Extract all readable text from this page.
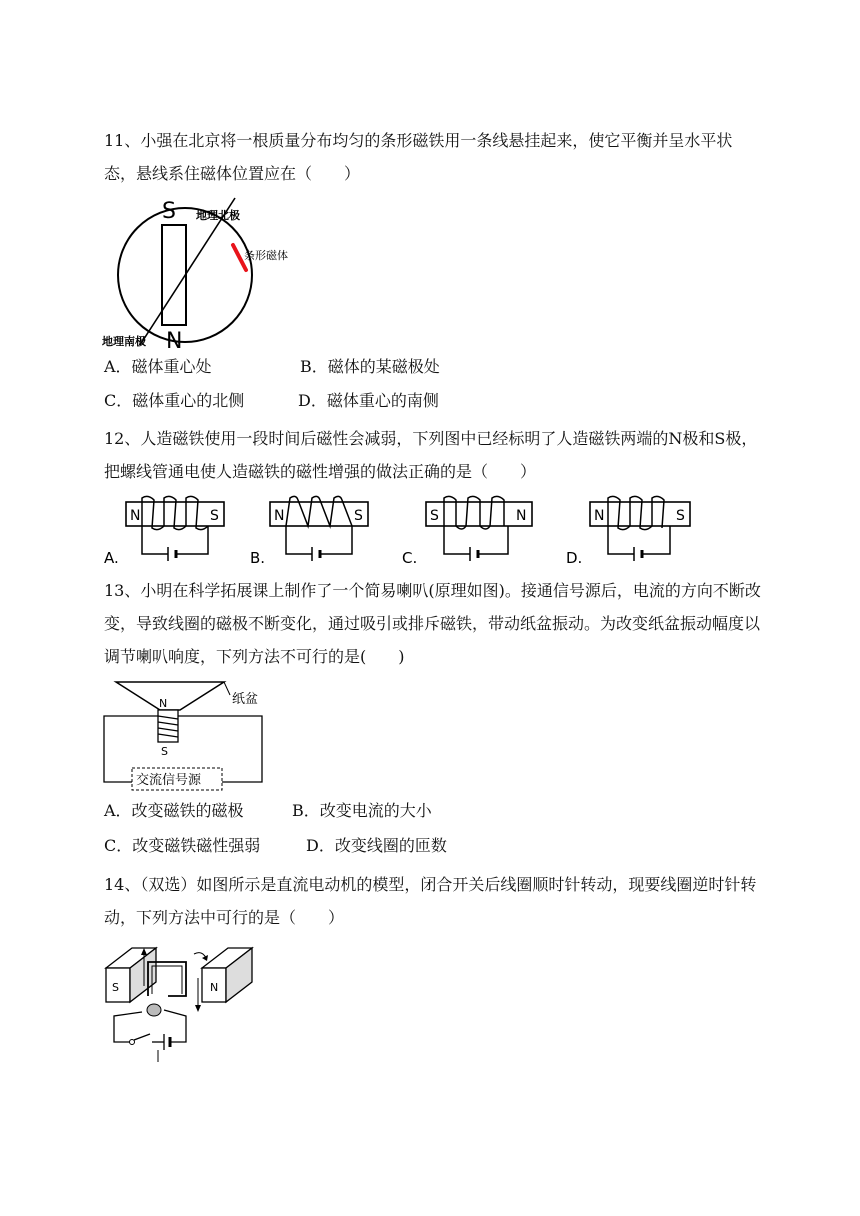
11、小强在北京将一根质量分布均匀的条形磁铁用一条线悬挂起来，使它平衡并呈水平状态，悬线系住磁体位置应在（　　）

S
N
地理北极
条形磁体
地理南极
A．磁体重心处	B．磁体的某磁极处
C．磁体重心的北侧	D．磁体重心的南侧

12、人造磁铁使用一段时间后磁性会减弱，下列图中已经标明了人造磁铁两端的N极和S极，把螺线管通电使人造磁铁的磁性增强的做法正确的是（　　）

A.
N	S
B.
N	S
C.
S	N
D.
N	S

13、小明在科学拓展课上制作了一个简易喇叭(原理如图)。接通信号源后，电流的方向不断改变，导致线圈的磁极不断变化，通过吸引或排斥磁铁，带动纸盆振动。为改变纸盆振动幅度以调节喇叭响度，下列方法不可行的是(　　)

纸盆
N
S
交流信号源
A．改变磁铁的磁极	B．改变电流的大小
C．改变磁铁磁性强弱	D．改变线圈的匝数

14、（双选）如图所示是直流电动机的模型，闭合开关后线圈顺时针转动，现要线圈逆时针转动，下列方法中可行的是（　　）

S	N
